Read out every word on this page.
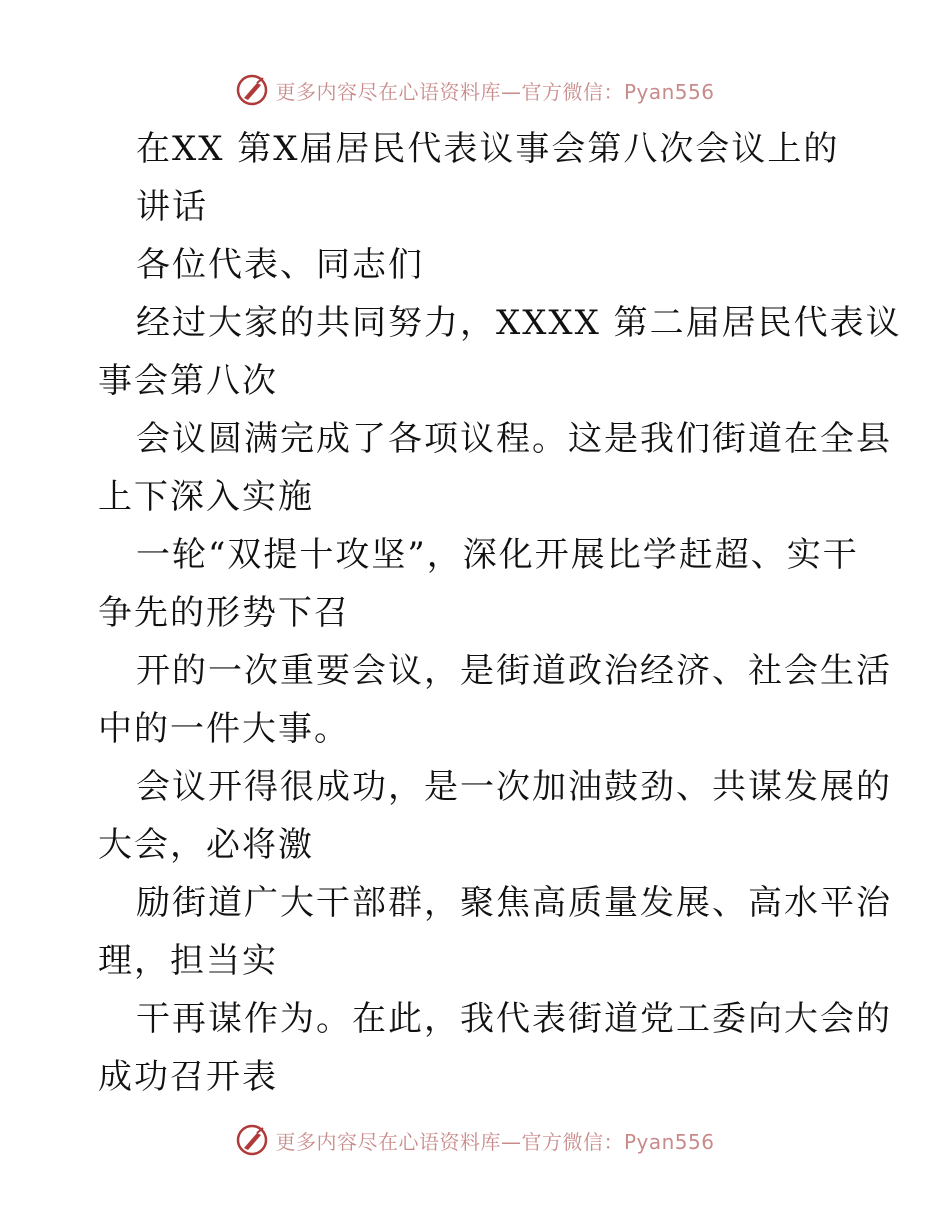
更多内容尽在心语资料库—官方微信：Pyan556
在XX 第X届居民代表议事会第八次会议上的
讲话
各位代表、同志们
经过大家的共同努力，XXXX 第二届居民代表议
事会第八次
会议圆满完成了各项议程。这是我们街道在全县
上下深入实施
一轮“双提十攻坚”，深化开展比学赶超、实干
争先的形势下召
开的一次重要会议，是街道政治经济、社会生活
中的一件大事。
会议开得很成功，是一次加油鼓劲、共谋发展的
大会，必将激
励街道广大干部群，聚焦高质量发展、高水平治
理，担当实
干再谋作为。在此，我代表街道党工委向大会的
成功召开表
更多内容尽在心语资料库—官方微信：Pyan556
